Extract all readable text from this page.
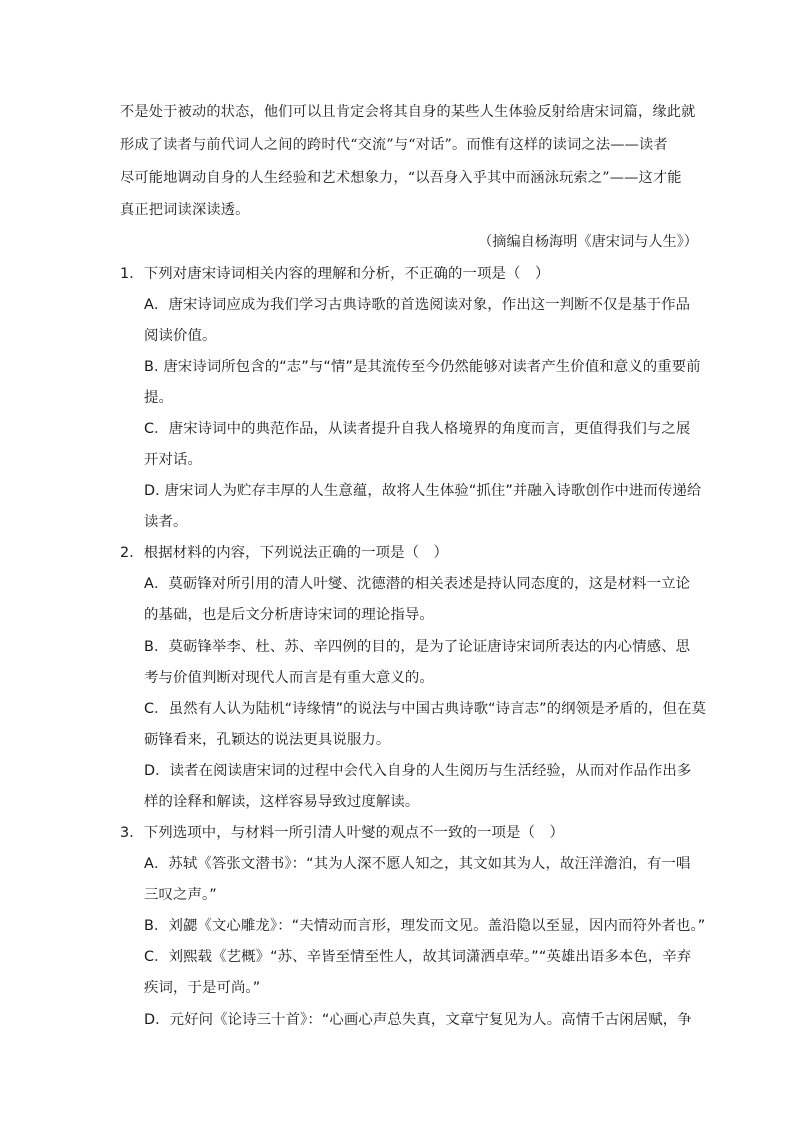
不是处于被动的状态，他们可以且肯定会将其自身的某些人生体验反射给唐宋词篇，缘此就
形成了读者与前代词人之间的跨时代“交流”与“对话”。而惟有这样的读词之法——读者
尽可能地调动自身的人生经验和艺术想象力，“以吾身入乎其中而涵泳玩索之”——这才能
真正把词读深读透。
（摘编自杨海明《唐宋词与人生》）
1．下列对唐宋诗词相关内容的理解和分析，不正确的一项是（　）
A．唐宋诗词应成为我们学习古典诗歌的首选阅读对象，作出这一判断不仅是基于作品
阅读价值。
B. 唐宋诗词所包含的“志”与“情”是其流传至今仍然能够对读者产生价值和意义的重要前
提。
C．唐宋诗词中的典范作品，从读者提升自我人格境界的角度而言，更值得我们与之展
开对话。
D. 唐宋词人为贮存丰厚的人生意蕴，故将人生体验“抓住”并融入诗歌创作中进而传递给
读者。
2．根据材料的内容，下列说法正确的一项是（　）
A．莫砺锋对所引用的清人叶燮、沈德潜的相关表述是持认同态度的，这是材料一立论
的基础，也是后文分析唐诗宋词的理论指导。
B．莫砺锋举李、杜、苏、辛四例的目的，是为了论证唐诗宋词所表达的内心情感、思
考与价值判断对现代人而言是有重大意义的。
C．虽然有人认为陆机“诗缘情”的说法与中国古典诗歌“诗言志”的纲领是矛盾的，但在莫
砺锋看来，孔颖达的说法更具说服力。
D．读者在阅读唐宋词的过程中会代入自身的人生阅历与生活经验，从而对作品作出多
样的诠释和解读，这样容易导致过度解读。
3．下列选项中，与材料一所引清人叶燮的观点不一致的一项是（　）
A．苏轼《答张文潜书》：“其为人深不愿人知之，其文如其为人，故汪洋澹泊，有一唱
三叹之声。”
B．刘勰《文心雕龙》：“夫情动而言形，理发而文见。盖沿隐以至显，因内而符外者也。”
C．刘熙载《艺概》“苏、辛皆至情至性人，故其词潇洒卓荦。”“英雄出语多本色，辛弃
疾词，于是可尚。”
D．元好问《论诗三十首》：“心画心声总失真，文章宁复见为人。高情千古闲居赋，争
